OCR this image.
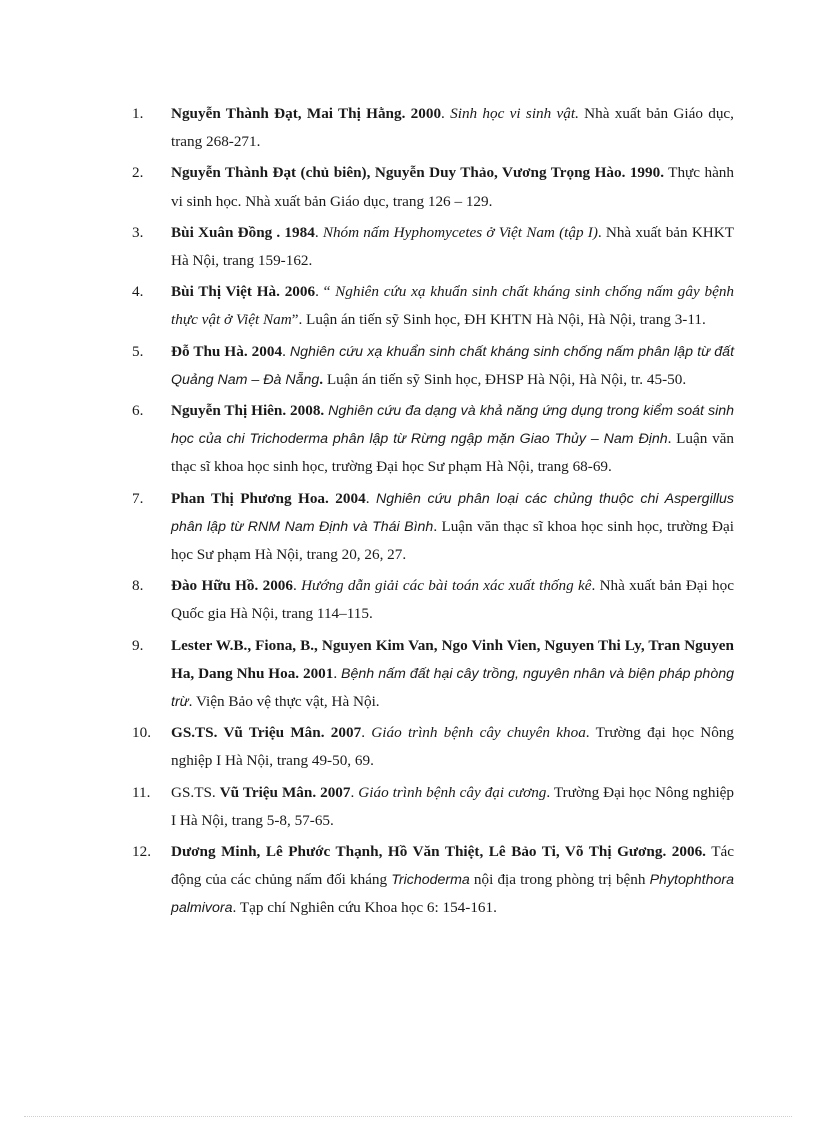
1. Nguyễn Thành Đạt, Mai Thị Hằng. 2000. Sinh học vi sinh vật. Nhà xuất bản Giáo dục, trang 268-271.
2. Nguyễn Thành Đạt (chủ biên), Nguyễn Duy Thảo, Vương Trọng Hào. 1990. Thực hành vi sinh học. Nhà xuất bản Giáo dục, trang 126 – 129.
3. Bùi Xuân Đồng . 1984. Nhóm nấm Hyphomycetes ở Việt Nam (tập I). Nhà xuất bản KHKT Hà Nội, trang 159-162.
4. Bùi Thị Việt Hà. 2006. “ Nghiên cứu xạ khuẩn sinh chất kháng sinh chống nấm gây bệnh thực vật ở Việt Nam”. Luận án tiến sỹ Sinh học, ĐH KHTN Hà Nội, Hà Nội, trang 3-11.
5. Đỗ Thu Hà. 2004. Nghiên cứu xạ khuẩn sinh chất kháng sinh chống nấm phân lập từ đất Quảng Nam – Đà Nẵng. Luận án tiến sỹ Sinh học, ĐHSP Hà Nội, Hà Nội, tr. 45-50.
6. Nguyễn Thị Hiên. 2008. Nghiên cứu đa dạng và khả năng ứng dụng trong kiểm soát sinh học của chi Trichoderma phân lập từ Rừng ngập mặn Giao Thủy – Nam Định. Luận văn thạc sĩ khoa học sinh học, trường Đại học Sư phạm Hà Nội, trang 68-69.
7. Phan Thị Phương Hoa. 2004. Nghiên cứu phân loại các chủng thuộc chi Aspergillus phân lập từ RNM Nam Định và Thái Bình. Luận văn thạc sĩ khoa học sinh học, trường Đại học Sư phạm Hà Nội, trang 20, 26, 27.
8. Đào Hữu Hồ. 2006. Hướng dẫn giải các bài toán xác xuất thống kê. Nhà xuất bản Đại học Quốc gia Hà Nội, trang 114–115.
9. Lester W.B., Fiona, B., Nguyen Kim Van, Ngo Vinh Vien, Nguyen Thi Ly, Tran Nguyen Ha, Dang Nhu Hoa. 2001. Bệnh nấm đất hại cây trồng, nguyên nhân và biện pháp phòng trừ. Viện Bảo vệ thực vật, Hà Nội.
10. GS.TS. Vũ Triệu Mân. 2007. Giáo trình bệnh cây chuyên khoa. Trường đại học Nông nghiệp I Hà Nội, trang 49-50, 69.
11. GS.TS. Vũ Triệu Mân. 2007. Giáo trình bệnh cây đại cương. Trường Đại học Nông nghiệp I Hà Nội, trang 5-8, 57-65.
12. Dương Minh, Lê Phước Thạnh, Hồ Văn Thiệt, Lê Bảo Ti, Võ Thị Gương. 2006. Tác động của các chủng nấm đối kháng Trichoderma nội địa trong phòng trị bệnh Phytophthora palmivora. Tạp chí Nghiên cứu Khoa học 6: 154-161.
